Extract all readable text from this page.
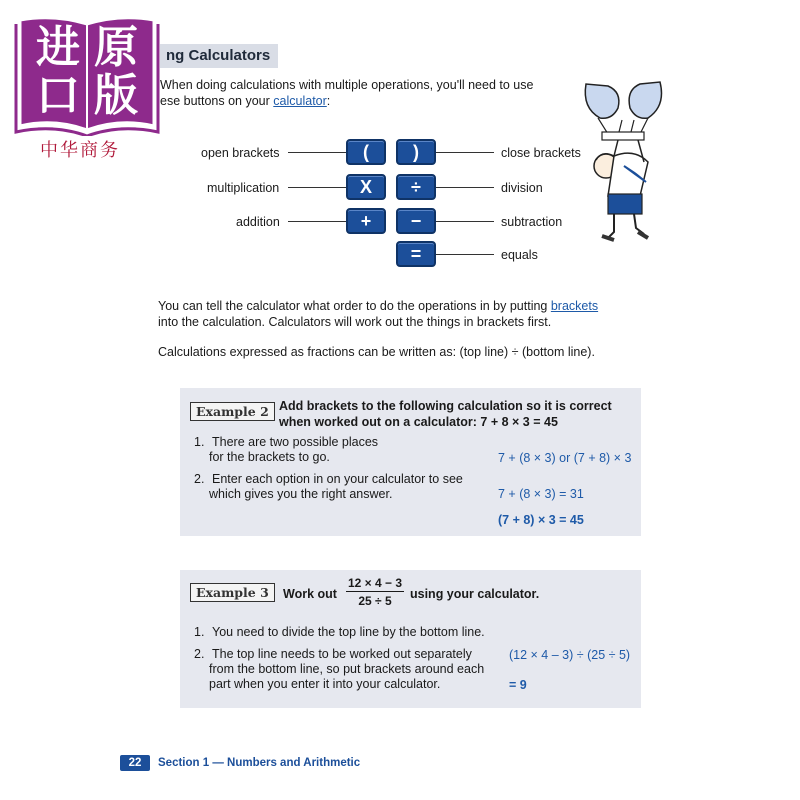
进 原
口 版
中华商务
ng Calculators
When doing calculations with multiple operations, you'll need to use
ese buttons on your calculator:
open brackets	(	)	close brackets
multiplication	X	÷	division
addition	+	−	subtraction
=	equals
You can tell the calculator what order to do the operations in by putting brackets
into the calculation. Calculators will work out the things in brackets first.
Calculations expressed as fractions can be written as: (top line) ÷ (bottom line).
Example 2 Add brackets to the following calculation so it is correct
when worked out on a calculator: 7 + 8 × 3 = 45
1. There are two possible places
for the brackets to go.	7 + (8 × 3) or (7 + 8) × 3
2. Enter each option in on your calculator to see
which gives you the right answer.	7 + (8 × 3) = 31
(7 + 8) × 3 = 45
Example 3	Work out $\frac{12 \times 4 - 3}{25 \div 5}$ using your calculator.
1. You need to divide the top line by the bottom line.
2. The top line needs to be worked out separately
from the bottom line, so put brackets around each
part when you enter it into your calculator.
(12 × 4 – 3) ÷ (25 ÷ 5)
= 9
22	Section 1 — Numbers and Arithmetic
